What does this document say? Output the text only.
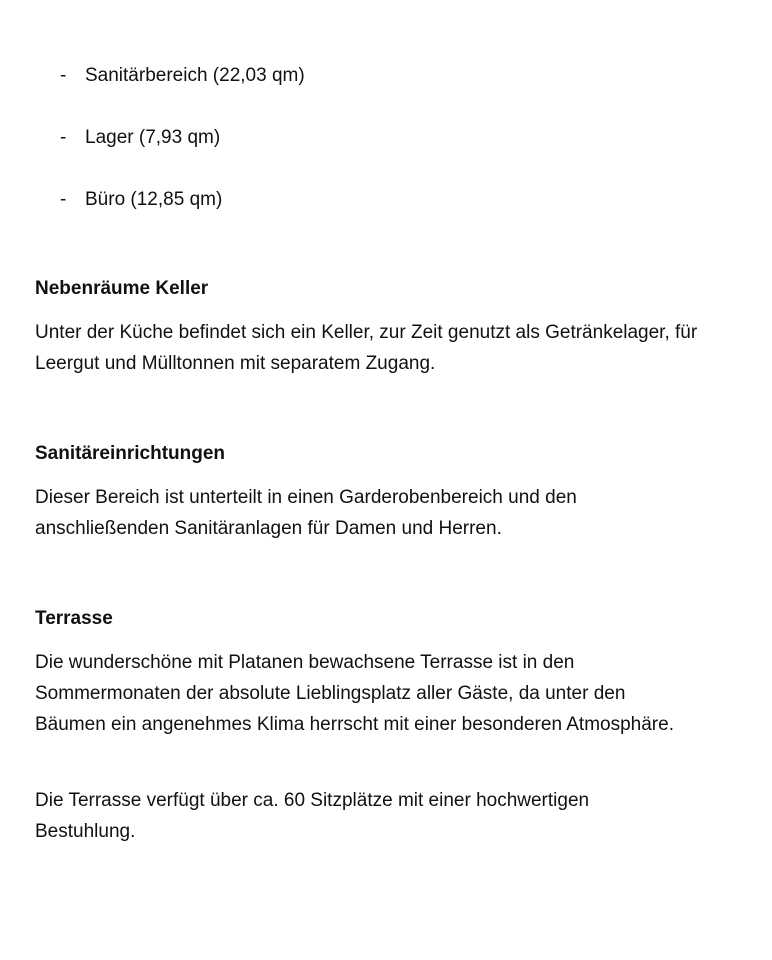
- Sanitärbereich (22,03 qm)
- Lager (7,93 qm)
- Büro (12,85 qm)
Nebenräume Keller
Unter der Küche befindet sich ein Keller, zur Zeit genutzt als Getränkelager, für Leergut und Mülltonnen mit separatem Zugang.
Sanitäreinrichtungen
Dieser Bereich ist unterteilt in einen Garderobenbereich und den anschließenden Sanitäranlagen für Damen und Herren.
Terrasse
Die wunderschöne mit Platanen bewachsene Terrasse ist in den Sommermonaten der absolute Lieblingsplatz aller Gäste, da unter den Bäumen ein angenehmes Klima herrscht mit einer besonderen Atmosphäre.
Die Terrasse verfügt über ca. 60 Sitzplätze mit einer hochwertigen Bestuhlung.
